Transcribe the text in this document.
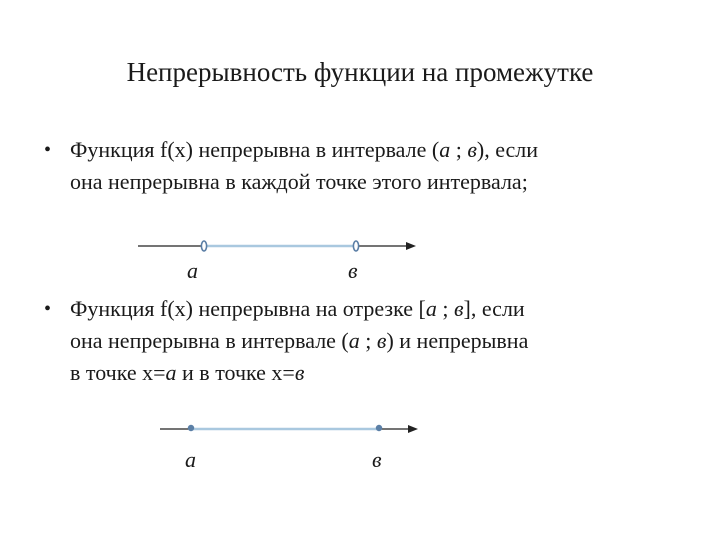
Непрерывность функции на промежутке
• Функция f(x) непрерывна в интервале (а ; в), если
она непрерывна в каждой точке этого интервала;
а	в
• Функция f(x) непрерывна на отрезке [а ; в], если
она непрерывна в интервале (а ; в) и непрерывна
в точке х=а и в точке х=в
а	в
